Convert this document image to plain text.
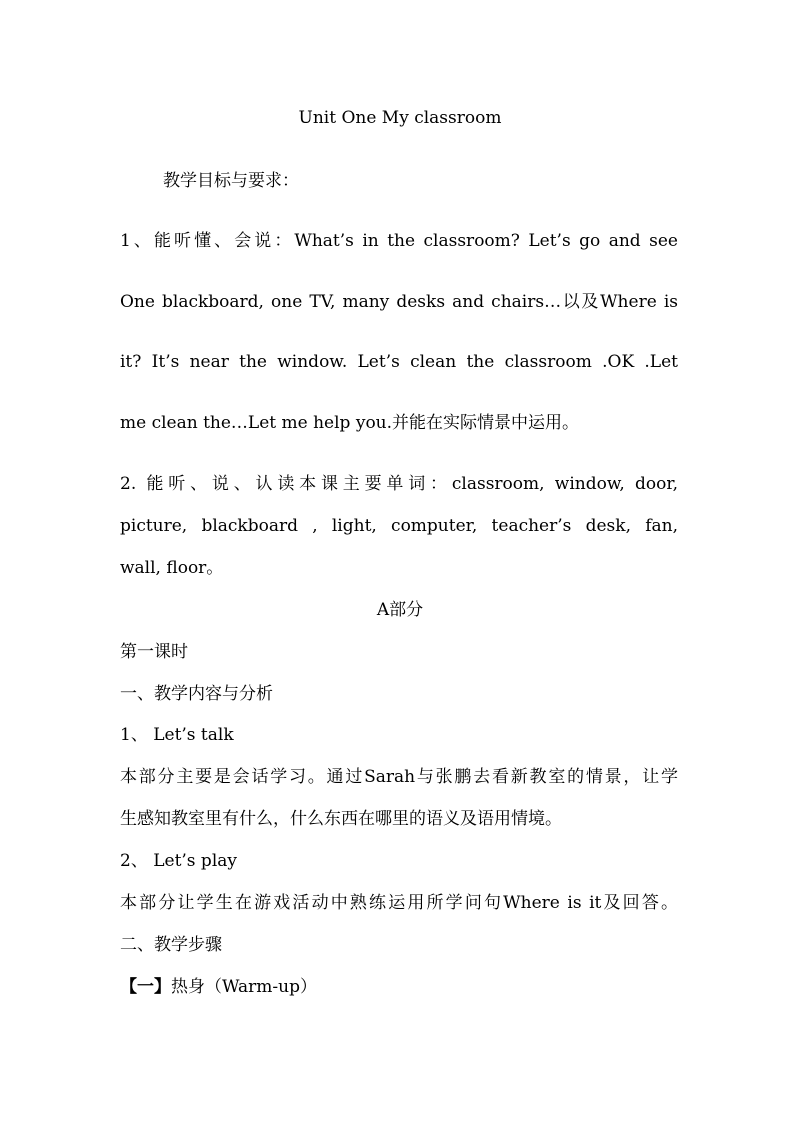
Unit One My classroom
教学目标与要求：
1、能听懂、会说：What’s in the classroom? Let’s go and see
One blackboard, one TV, many desks and chairs…以及Where is
it? It’s near the window. Let’s clean the classroom .OK .Let
me clean the…Let me help you.并能在实际情景中运用。
2. 能听、说、认读本课主要单词：classroom, window, door,
picture, blackboard , light, computer, teacher’s desk, fan,
wall, floor。
A部分
第一课时
一、教学内容与分析
1、 Let’s talk
本部分主要是会话学习。通过Sarah与张鹏去看新教室的情景，让学
生感知教室里有什么，什么东西在哪里的语义及语用情境。
2、 Let’s play
本部分让学生在游戏活动中熟练运用所学问句Where is it及回答。
二、教学步骤
【一】热身（Warm-up）
